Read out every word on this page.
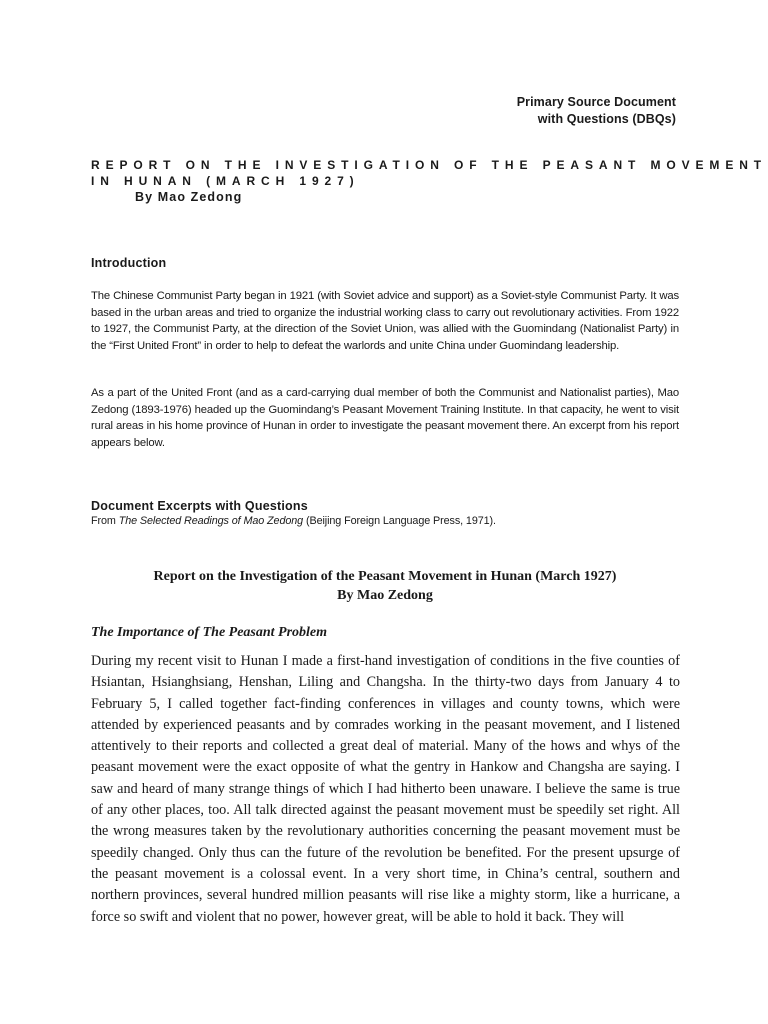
Primary Source Document
with Questions (DBQs)
REPORT ON THE INVESTIGATION OF THE PEASANT MOVEMENT
IN HUNAN (MARCH 1927)
By Mao Zedong
Introduction

The Chinese Communist Party began in 1921 (with Soviet advice and support) as a Soviet-style Communist Party. It was based in the urban areas and tried to organize the industrial working class to carry out revolutionary activities. From 1922 to 1927, the Communist Party, at the direction of the Soviet Union, was allied with the Guomindang (Nationalist Party) in the “First United Front” in order to help to defeat the warlords and unite China under Guomindang leadership.

As a part of the United Front (and as a card-carrying dual member of both the Communist and Nationalist parties), Mao Zedong (1893-1976) headed up the Guomindang’s Peasant Movement Training Institute. In that capacity, he went to visit rural areas in his home province of Hunan in order to investigate the peasant movement there. An excerpt from his report appears below.

Document Excerpts with Questions
From The Selected Readings of Mao Zedong (Beijing Foreign Language Press, 1971).
Report on the Investigation of the Peasant Movement in Hunan (March 1927)
By Mao Zedong
The Importance of The Peasant Problem

During my recent visit to Hunan I made a first-hand investigation of conditions in the five counties of Hsiantan, Hsianghsiang, Henshan, Liling and Changsha. In the thirty-two days from January 4 to February 5, I called together fact-finding conferences in villages and county towns, which were attended by experienced peasants and by comrades working in the peasant movement, and I listened attentively to their reports and collected a great deal of material. Many of the hows and whys of the peasant movement were the exact opposite of what the gentry in Hankow and Changsha are saying. I saw and heard of many strange things of which I had hitherto been unaware. I believe the same is true of any other places, too. All talk directed against the peasant movement must be speedily set right. All the wrong measures taken by the revolutionary authorities concerning the peasant movement must be speedily changed. Only thus can the future of the revolution be benefited. For the present upsurge of the peasant movement is a colossal event. In a very short time, in China’s central, southern and northern provinces, several hundred million peasants will rise like a mighty storm, like a hurricane, a force so swift and violent that no power, however great, will be able to hold it back. They will
